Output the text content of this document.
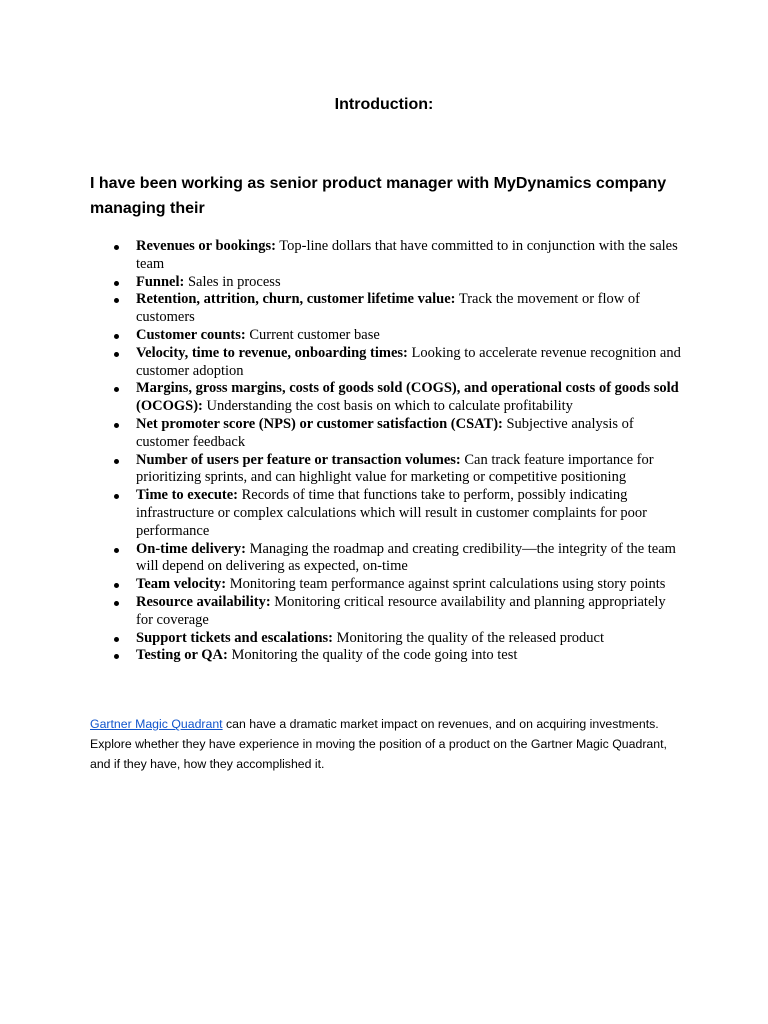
Introduction:
I have been working as senior product manager with MyDynamics company managing their
Revenues or bookings: Top-line dollars that have committed to in conjunction with the sales team
Funnel: Sales in process
Retention, attrition, churn, customer lifetime value: Track the movement or flow of customers
Customer counts: Current customer base
Velocity, time to revenue, onboarding times: Looking to accelerate revenue recognition and customer adoption
Margins, gross margins, costs of goods sold (COGS), and operational costs of goods sold (OCOGS): Understanding the cost basis on which to calculate profitability
Net promoter score (NPS) or customer satisfaction (CSAT): Subjective analysis of customer feedback
Number of users per feature or transaction volumes: Can track feature importance for prioritizing sprints, and can highlight value for marketing or competitive positioning
Time to execute: Records of time that functions take to perform, possibly indicating infrastructure or complex calculations which will result in customer complaints for poor performance
On-time delivery: Managing the roadmap and creating credibility—the integrity of the team will depend on delivering as expected, on-time
Team velocity: Monitoring team performance against sprint calculations using story points
Resource availability: Monitoring critical resource availability and planning appropriately for coverage
Support tickets and escalations: Monitoring the quality of the released product
Testing or QA: Monitoring the quality of the code going into test

Gartner Magic Quadrant can have a dramatic market impact on revenues, and on acquiring investments. Explore whether they have experience in moving the position of a product on the Gartner Magic Quadrant, and if they have, how they accomplished it.
